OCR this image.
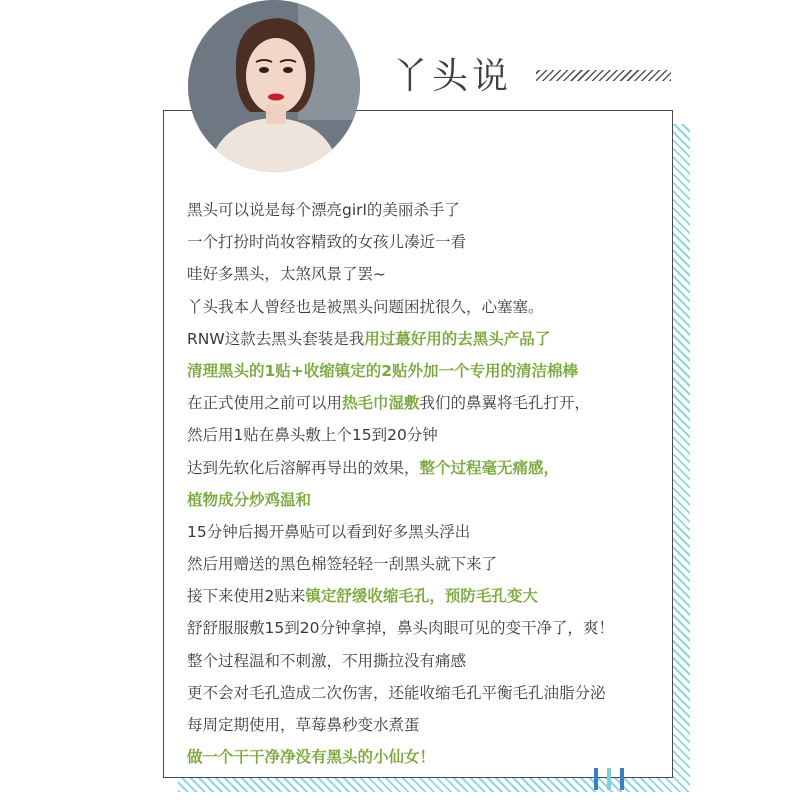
丫头说
黑头可以说是每个漂亮girl的美丽杀手了
一个打扮时尚妆容精致的女孩儿凑近一看
哇好多黑头，太煞风景了罢~
丫头我本人曾经也是被黑头问题困扰很久，心塞塞。
RNW这款去黑头套装是我用过蕞好用的去黑头产品了
清理黑头的1贴+收缩镇定的2贴外加一个专用的清洁棉棒
在正式使用之前可以用热毛巾湿敷我们的鼻翼将毛孔打开，
然后用1贴在鼻头敷上个15到20分钟
达到先软化后溶解再导出的效果，整个过程毫无痛感，
植物成分炒鸡温和
15分钟后揭开鼻贴可以看到好多黑头浮出
然后用赠送的黑色棉签轻轻一刮黑头就下来了
接下来使用2贴来镇定舒缓收缩毛孔，预防毛孔变大
舒舒服服敷15到20分钟拿掉，鼻头肉眼可见的变干净了，爽！
整个过程温和不刺激，不用撕拉没有痛感
更不会对毛孔造成二次伤害，还能收缩毛孔平衡毛孔油脂分泌
每周定期使用，草莓鼻秒变水煮蛋
做一个干干净净没有黑头的小仙女！
